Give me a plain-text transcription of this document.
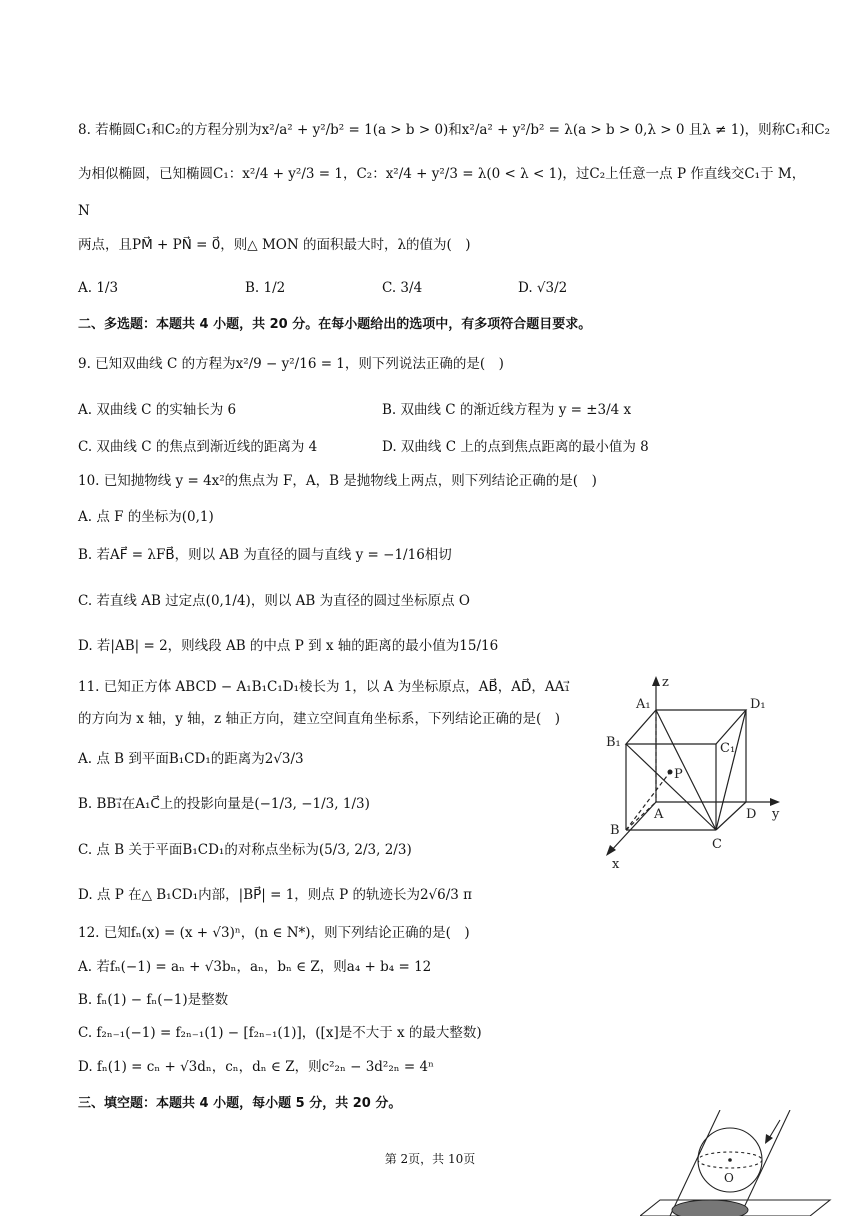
8. 若椭圆C₁和C₂的方程分别为x²/a² + y²/b² = 1(a > b > 0)和x²/a² + y²/b² = λ(a > b > 0,λ > 0 且λ ≠ 1)，则称C₁和C₂
为相似椭圆，已知椭圆C₁：x²/4 + y²/3 = 1，C₂：x²/4 + y²/3 = λ(0 < λ < 1)，过C₂上任意一点 P 作直线交C₁于 M，
N
两点，且PM⃗ + PN⃗ = 0⃗，则△ MON 的面积最大时，λ的值为(　)
A. 1/3	B. 1/2	C. 3/4	D. √3/2
二、多选题：本题共 4 小题，共 20 分。在每小题给出的选项中，有多项符合题目要求。
9. 已知双曲线 C 的方程为x²/9 − y²/16 = 1，则下列说法正确的是(　)
A. 双曲线 C 的实轴长为 6	B. 双曲线 C 的渐近线方程为 y = ±3/4 x
C. 双曲线 C 的焦点到渐近线的距离为 4	D. 双曲线 C 上的点到焦点距离的最小值为 8
10. 已知抛物线 y = 4x²的焦点为 F，A，B 是抛物线上两点，则下列结论正确的是(　)
A. 点 F 的坐标为(0,1)
B. 若AF⃗ = λFB⃗，则以 AB 为直径的圆与直线 y = −1/16相切
C. 若直线 AB 过定点(0,1/4)，则以 AB 为直径的圆过坐标原点 O
D. 若|AB| = 2，则线段 AB 的中点 P 到 x 轴的距离的最小值为15/16
11. 已知正方体 ABCD − A₁B₁C₁D₁棱长为 1，以 A 为坐标原点，AB⃗，AD⃗，AA₁⃗
的方向为 x 轴，y 轴，z 轴正方向，建立空间直角坐标系，下列结论正确的是(　)
A. 点 B 到平面B₁CD₁的距离为2√3/3
B. BB₁⃗在A₁C⃗上的投影向量是(−1/3, −1/3, 1/3)
C. 点 B 关于平面B₁CD₁的对称点坐标为(5/3, 2/3, 2/3)
D. 点 P 在△ B₁CD₁内部，|BP⃗| = 1，则点 P 的轨迹长为2√6/3 π
z
y
x
A₁	D₁
B₁	C₁
P
A	D
B
C
12. 已知fₙ(x) = (x + √3)ⁿ，(n ∈ N*)，则下列结论正确的是(　)
A. 若fₙ(−1) = aₙ + √3bₙ，aₙ，bₙ ∈ Z，则a₄ + b₄ = 12
B. fₙ(1) − fₙ(−1)是整数
C. f₂ₙ₋₁(−1) = f₂ₙ₋₁(1) − [f₂ₙ₋₁(1)]，([x]是不大于 x 的最大整数)
D. fₙ(1) = cₙ + √3dₙ，cₙ，dₙ ∈ Z，则c²₂ₙ − 3d²₂ₙ = 4ⁿ
三、填空题：本题共 4 小题，每小题 5 分，共 20 分。
第 2页，共 10页
O
